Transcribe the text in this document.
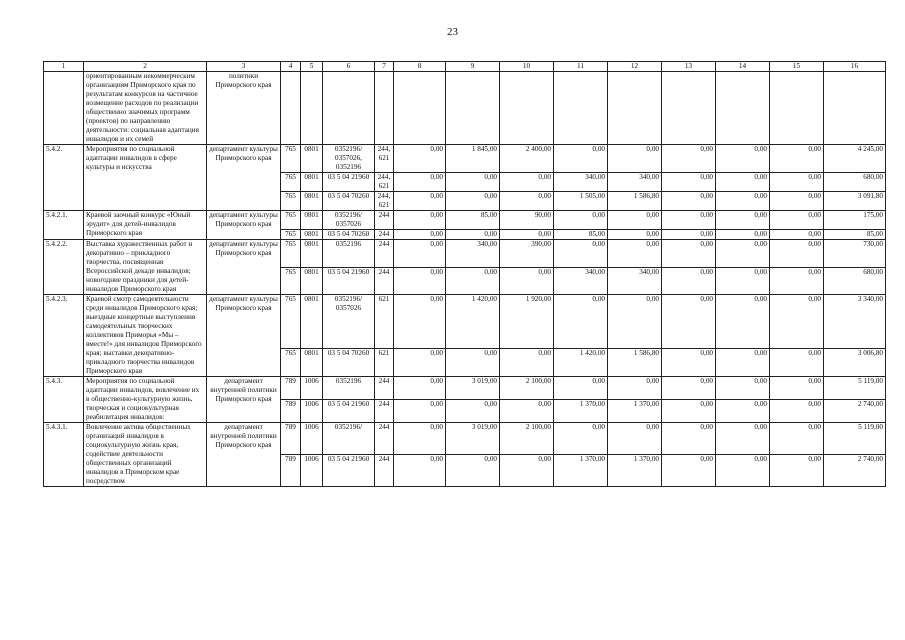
23
1	2	3	4	5	6	7	8	9	10	11	12	13	14	15	16
	ориентированным некоммерческим организациям Приморского края по результатам конкурсов на частичное возмещение расходов по реализации общественно значимых программ (проектов) по направлению деятельности: социальная адаптация инвалидов и их семей	политики Приморского края													
5.4.2.	Мероприятия по социальной адаптации инвалидов в сфере культуры и искусства	департамент культуры Приморского края	765	0801	0352196/ 0357026, 0352196	244, 621	0,00	1 845,00	2 400,00	0,00	0,00	0,00	0,00	0,00	4 245,00
			765	0801	03 5 04 21960	244, 621	0,00	0,00	0,00	340,00	340,00	0,00	0,00	0,00	680,00
			765	0801	03 5 04 70260	244, 621	0,00	0,00	0,00	1 505,00	1 586,80	0,00	0,00	0,00	3 091,80
5.4.2.1.	Краевой заочный конкурс «Юный эрудит» для детей-инвалидов Приморского края	департамент культуры Приморского края	765	0801	0352196/ 0357026	244	0,00	85,00	90,00	0,00	0,00	0,00	0,00	0,00	175,00
			765	0801	03 5 04 70260	244	0,00	0,00	0,00	85,00	0,00	0,00	0,00	0,00	85,00
5.4.2.2.	Выставка художественных работ и декоративно – прикладного творчества, посвященная Всероссийской декаде инвалидов; новогодние праздники для детей-инвалидов Приморского края	департамент культуры Приморского края	765	0801	0352196	244	0,00	340,00	390,00	0,00	0,00	0,00	0,00	0,00	730,00
			765	0801	03 5 04 21960	244	0,00	0,00	0,00	340,00	340,00	0,00	0,00	0,00	680,00
5.4.2.3.	Краевой смотр самодеятельности среди инвалидов Приморского края; выездные концертные выступления самодеятельных творческих коллективов Приморья «Мы – вместе!» для инвалидов Приморского края; выставки декоративно-прикладного творчества инвалидов Приморского края	департамент культуры Приморского края	765	0801	0352196/ 0357026	621	0,00	1 420,00	1 920,00	0,00	0,00	0,00	0,00	0,00	3 340,00
			765	0801	03 5 04 70260	621	0,00	0,00	0,00	1 420,00	1 586,80	0,00	0,00	0,00	3 006,80
5.4.3.	Мероприятия по социальной адаптации инвалидов, вовлечение их в общественно-культурную жизнь, творческая и социокультурная реабилитация инвалидов:	департамент внутренней политики Приморского края	789	1006	0352196	244	0,00	3 019,00	2 100,00	0,00	0,00	0,00	0,00	0,00	5 119,00
			789	1006	03 5 04 21960	244	0,00	0,00	0,00	1 370,00	1 370,00	0,00	0,00	0,00	2 740,00
5.4.3.1.	Вовлечение актива общественных организаций инвалидов в социокультурную жизнь края, содействие деятельности общественных организаций инвалидов в Приморском крае посредством	департамент внутренней политики Приморского края	789	1006	0352196/	244	0,00	3 019,00	2 100,00	0,00	0,00	0,00	0,00	0,00	5 119,00
			789	1006	03 5 04 21960	244	0,00	0,00	0,00	1 370,00	1 370,00	0,00	0,00	0,00	2 740,00
